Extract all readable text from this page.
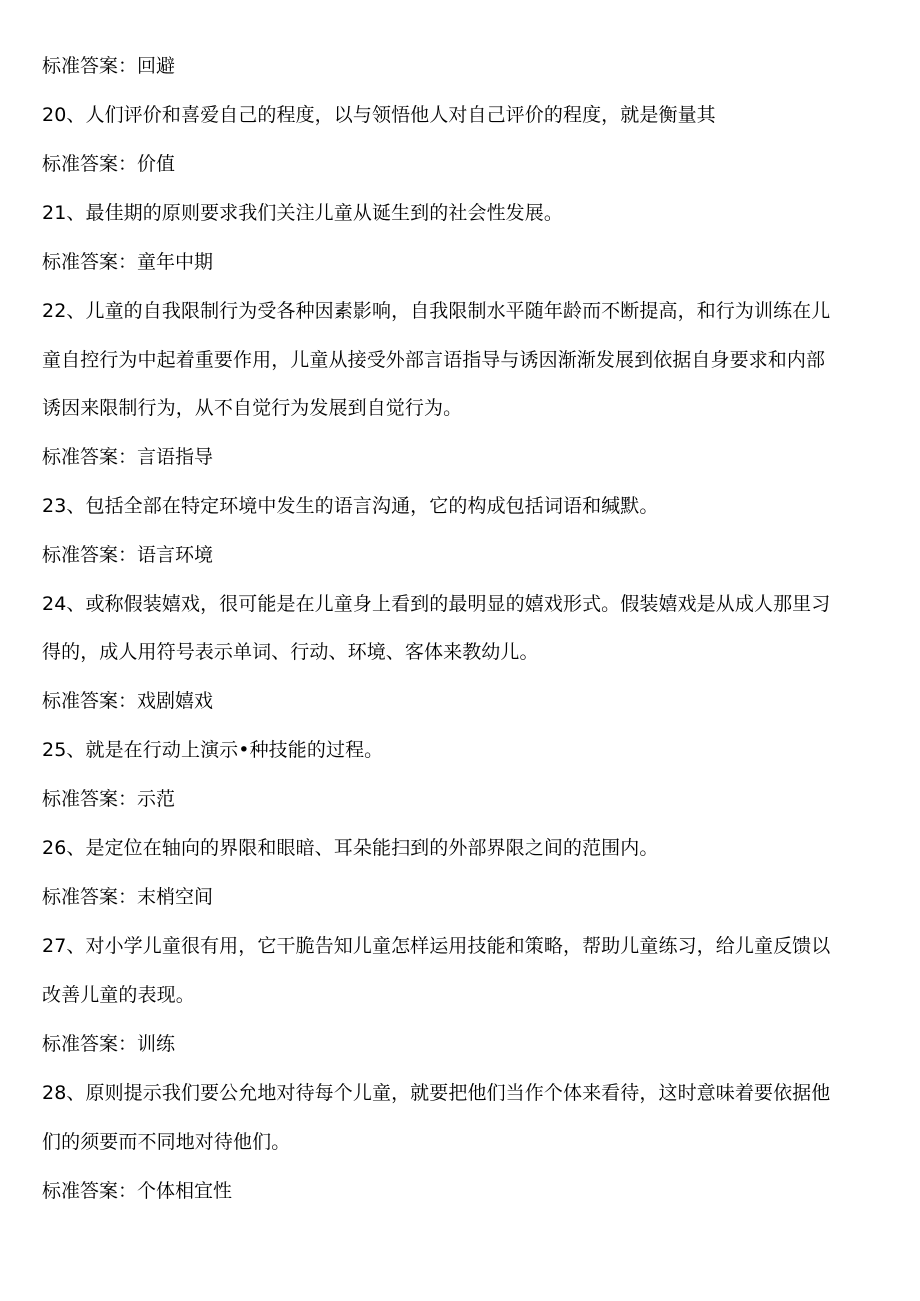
标准答案：回避

20、人们评价和喜爱自己的程度，以与领悟他人对自己评价的程度，就是衡量其

标准答案：价值

21、最佳期的原则要求我们关注儿童从诞生到的社会性发展。

标准答案：童年中期

22、儿童的自我限制行为受各种因素影响，自我限制水平随年龄而不断提高，和行为训练在儿

童自控行为中起着重要作用，儿童从接受外部言语指导与诱因渐渐发展到依据自身要求和内部

诱因来限制行为，从不自觉行为发展到自觉行为。

标准答案：言语指导

23、包括全部在特定环境中发生的语言沟通，它的构成包括词语和缄默。

标准答案：语言环境

24、或称假装嬉戏，很可能是在儿童身上看到的最明显的嬉戏形式。假装嬉戏是从成人那里习

得的，成人用符号表示单词、行动、环境、客体来教幼儿。

标准答案：戏剧嬉戏

25、就是在行动上演示•种技能的过程。

标准答案：示范

26、是定位在轴向的界限和眼暗、耳朵能扫到的外部界限之间的范围内。

标准答案：末梢空间

27、对小学儿童很有用，它干脆告知儿童怎样运用技能和策略，帮助儿童练习，给儿童反馈以

改善儿童的表现。

标准答案：训练

28、原则提示我们要公允地对待每个儿童，就要把他们当作个体来看待，这时意味着要依据他

们的须要而不同地对待他们。

标准答案：个体相宜性
